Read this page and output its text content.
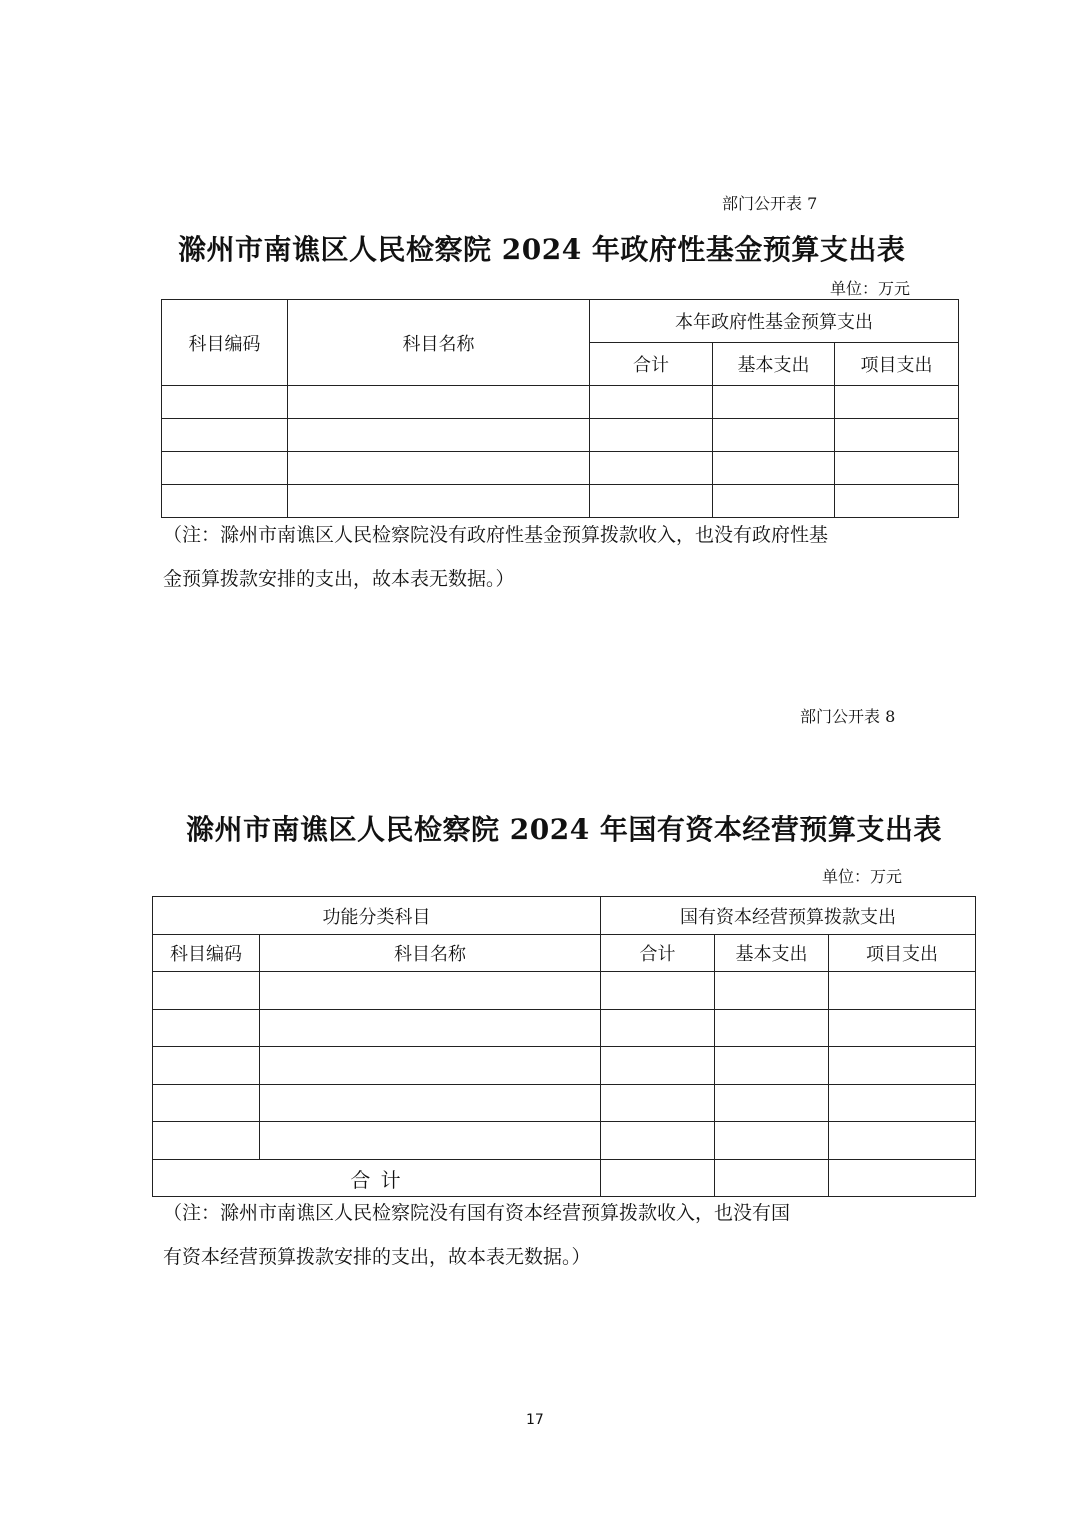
部门公开表 7
滁州市南谯区人民检察院 2024 年政府性基金预算支出表
单位：万元
科目编码	科目名称	本年政府性基金预算支出		
		合计	基本支出	项目支出

（注：滁州市南谯区人民检察院没有政府性基金预算拨款收入，也没有政府性基
金预算拨款安排的支出，故本表无数据。）
部门公开表 8
滁州市南谯区人民检察院 2024 年国有资本经营预算支出表
单位：万元
功能分类科目		国有资本经营预算拨款支出		
科目编码	科目名称	合计	基本支出	项目支出

合 计				
（注：滁州市南谯区人民检察院没有国有资本经营预算拨款收入，也没有国
有资本经营预算拨款安排的支出，故本表无数据。）
17
